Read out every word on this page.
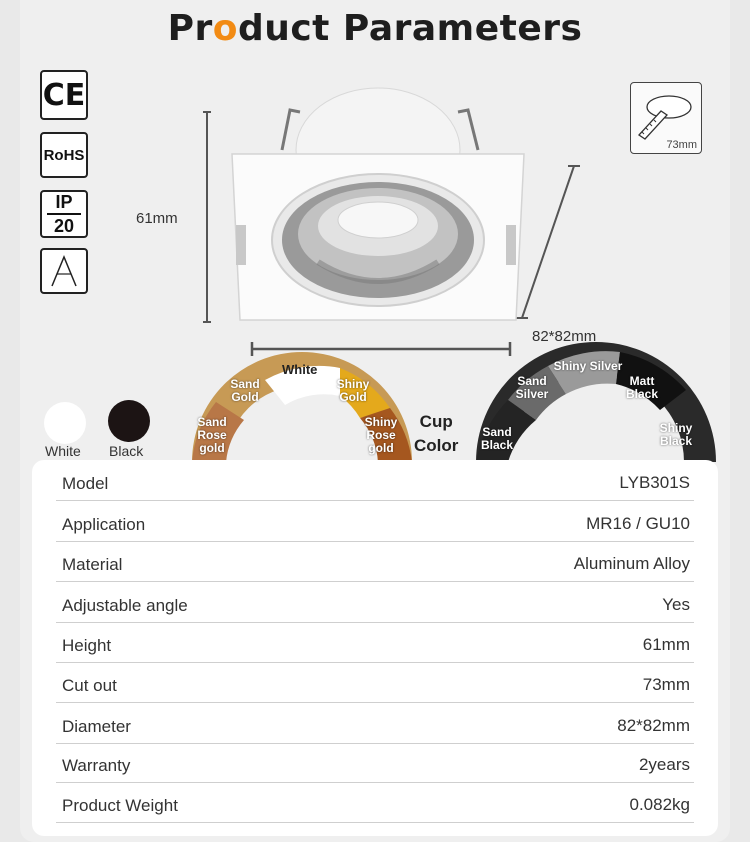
Product Parameters
CE
RoHS
IP
20
73mm
61mm
82*82mm
White Black
White
Sand Gold
Shiny Gold
Sand Rose gold
Shiny Rose gold
Cup
Color
Shiny Silver
Sand Silver
Matt Black
Sand Black
Shiny Black
Model	LYB301S
Application	MR16 / GU10
Material	Aluminum Alloy
Adjustable angle	Yes
Height	61mm
Cut out	73mm
Diameter	82*82mm
Warranty	2years
Product Weight	0.082kg
